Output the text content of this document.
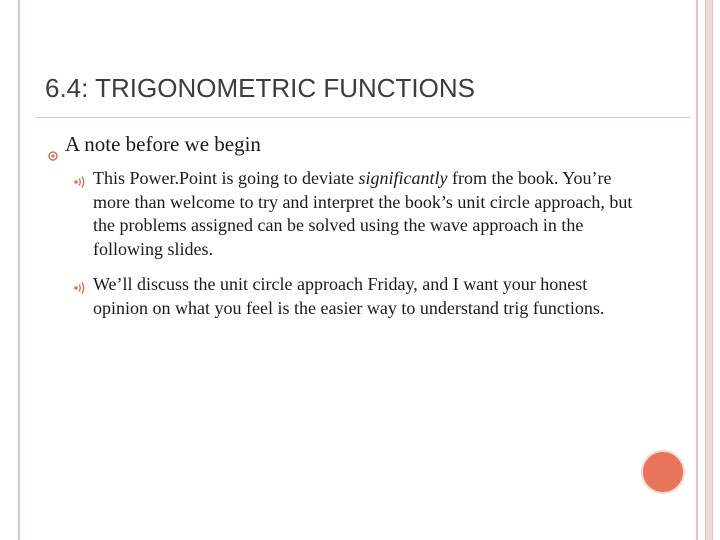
6.4: TRIGONOMETRIC FUNCTIONS
A note before we begin
This Power.Point is going to deviate significantly from the book. You’re more than welcome to try and interpret the book’s unit circle approach, but the problems assigned can be solved using the wave approach in the following slides.
We’ll discuss the unit circle approach Friday, and I want your honest opinion on what you feel is the easier way to understand trig functions.
